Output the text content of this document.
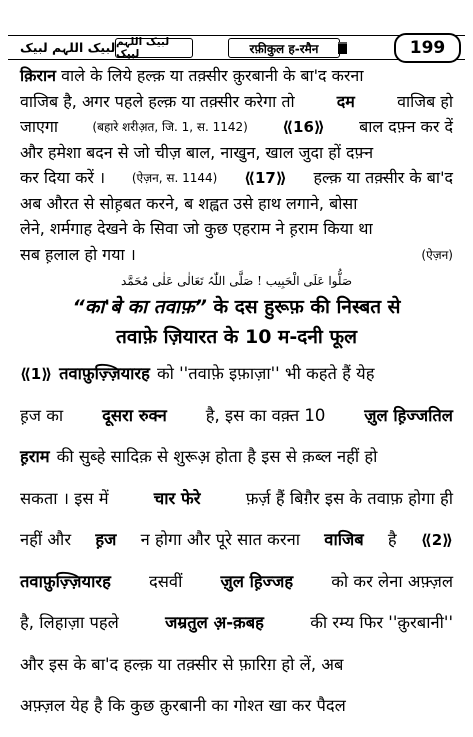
لبیک اللہم لبیک لبیک اللہم لبیک	रफ़ीकुल ह-रमैन	199
क़िरान वाले के लिये हल्क़ या तक़्सीर क़ुरबानी के बा'द करना
वाजिब है, अगर पहले हल्क़ या तक़्सीर करेगा तो	दम	वाजिब हो
जाएगा	(बहारे शरीअ़त, जि. 1, स. 1142) ⟪16⟫ बाल दफ़्न कर दें
और हमेशा बदन से जो चीज़ बाल, नाखुन, खाल जुदा हों दफ़्न
कर दिया करें । (ऐज़न, स. 1144) ⟪17⟫ हल्क़ या तक़्सीर के बा'द
अब औरत से सोह़बत करने, ब शह्वत उसे हाथ लगाने, बोसा
लेने, शर्मगाह देखने के सिवा जो कुछ एहराम ने ह़राम किया था
सब ह़लाल हो गया ।	(ऐज़न)
صَلُّوا عَلَی الْحَبِیب ! صَلَّی اللّٰہُ تَعَالٰی عَلٰی مُحَمَّد
“का'बे का तवाफ़” के दस हुरूफ़ की निस्बत से
तवाफ़े ज़ियारत के 10 म-दनी फूल
⟪1⟫ तवाफ़ुज़्ज़ियारह को ''तवाफ़े इफ़ाज़ा'' भी कहते हैं येह
ह़ज का दूसरा रुक्न है, इस का वक़्त 10 ज़ुल ह़िज्जतिल
ह़राम की सुब्हे सादिक़ से शुरूअ़ होता है इस से क़ब्ल नहीं हो
सकता । इस में	चार फेरे	फ़र्ज़ हैं बिग़ैर इस के तवाफ़ होगा ही
नहीं और ह़ज न होगा और पूरे सात करना वाजिब है ⟪2⟫
तवाफ़ुज़्ज़ियारह दसवीं ज़ुल ह़िज्जह को कर लेना अफ़्ज़ल
है, लिहाज़ा पहले	जम्रतुल अ़-क़बह	की रम्य फिर ''क़ुरबानी''
और इस के बा'द हल्क़ या तक़्सीर से फ़ारिग़ हो लें, अब
अफ़्ज़ल येह है कि कुछ क़ुरबानी का गोश्त खा कर पैदल
